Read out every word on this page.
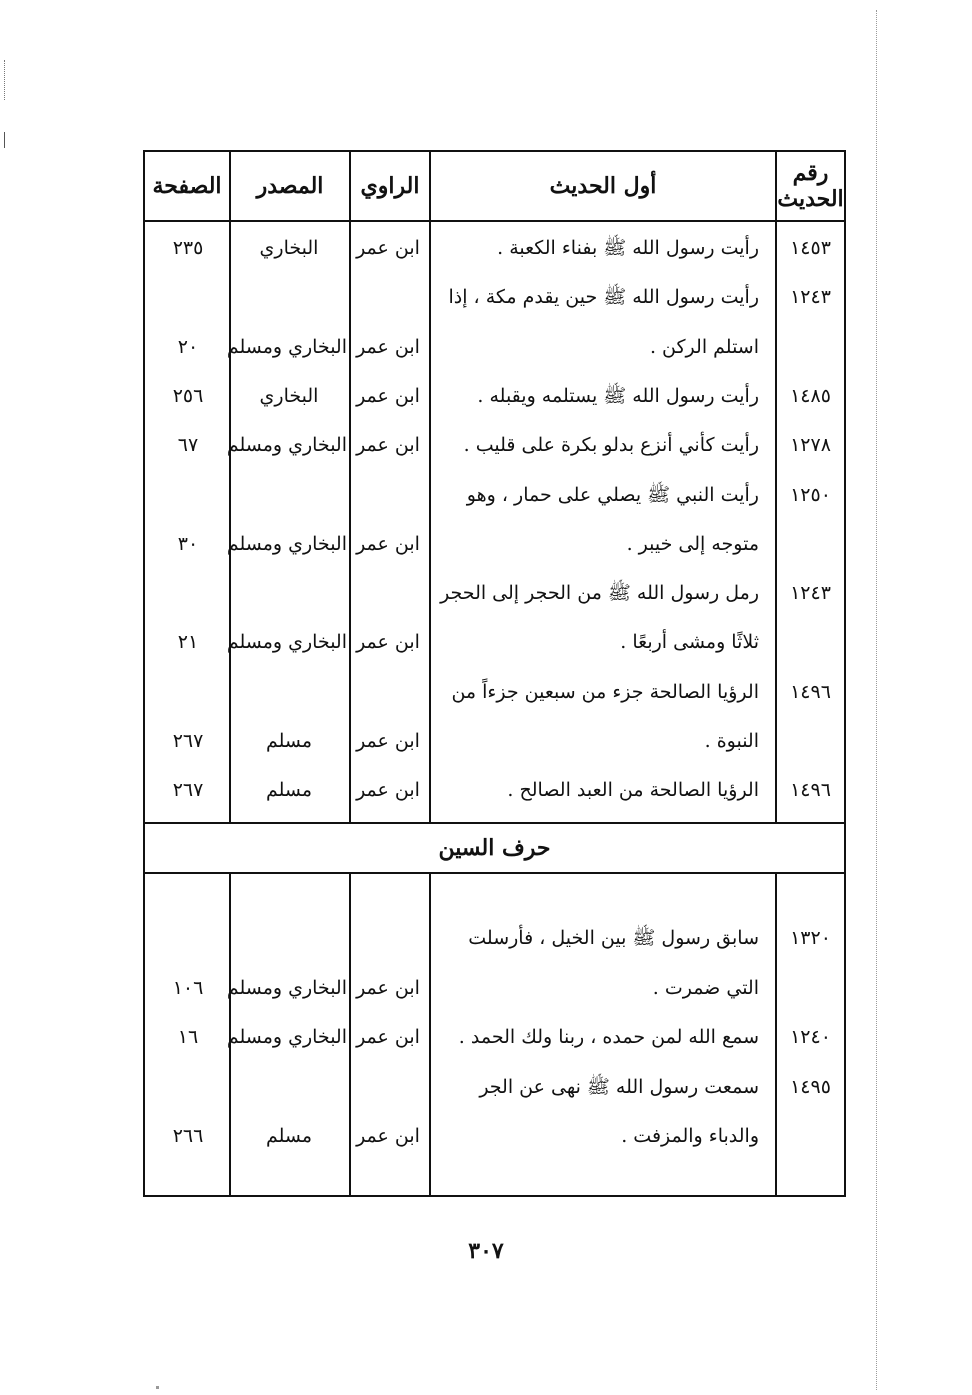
رقم الحديث
أول الحديث
الراوي
المصدر
الصفحة
حرف السين
١٤٥٣
رأيت رسول الله ﷺ بفناء الكعبة .
ابن عمر
البخاري
٢٣٥
١٢٤٣
رأيت رسول الله ﷺ حين يقدم مكة ، إذا
استلم الركن .
ابن عمر
البخاري ومسلم
٢٠
١٤٨٥
رأيت رسول الله ﷺ يستلمه ويقبله .
ابن عمر
البخاري
٢٥٦
١٢٧٨
رأيت كأني أنزع بدلو بكرة على قليب .
ابن عمر
البخاري ومسلم
٦٧
١٢٥٠
رأيت النبي ﷺ يصلي على حمار ، وهو
متوجه إلى خيبر .
ابن عمر
البخاري ومسلم
٣٠
١٢٤٣
رمل رسول الله ﷺ من الحجر إلى الحجر
ثلاثًا ومشى أربعًا .
ابن عمر
البخاري ومسلم
٢١
١٤٩٦
الرؤيا الصالحة جزء من سبعين جزءاً من
النبوة .
ابن عمر
مسلم
٢٦٧
١٤٩٦
الرؤيا الصالحة من العبد الصالح .
ابن عمر
مسلم
٢٦٧
١٣٢٠
سابق رسول ﷺ بين الخيل ، فأرسلت
التي ضمرت .
ابن عمر
البخاري ومسلم
١٠٦
١٢٤٠
سمع الله لمن حمده ، ربنا ولك الحمد .
ابن عمر
البخاري ومسلم
١٦
١٤٩٥
سمعت رسول الله ﷺ نهى عن الجر
والدباء والمزفت .
ابن عمر
مسلم
٢٦٦
٣٠٧
